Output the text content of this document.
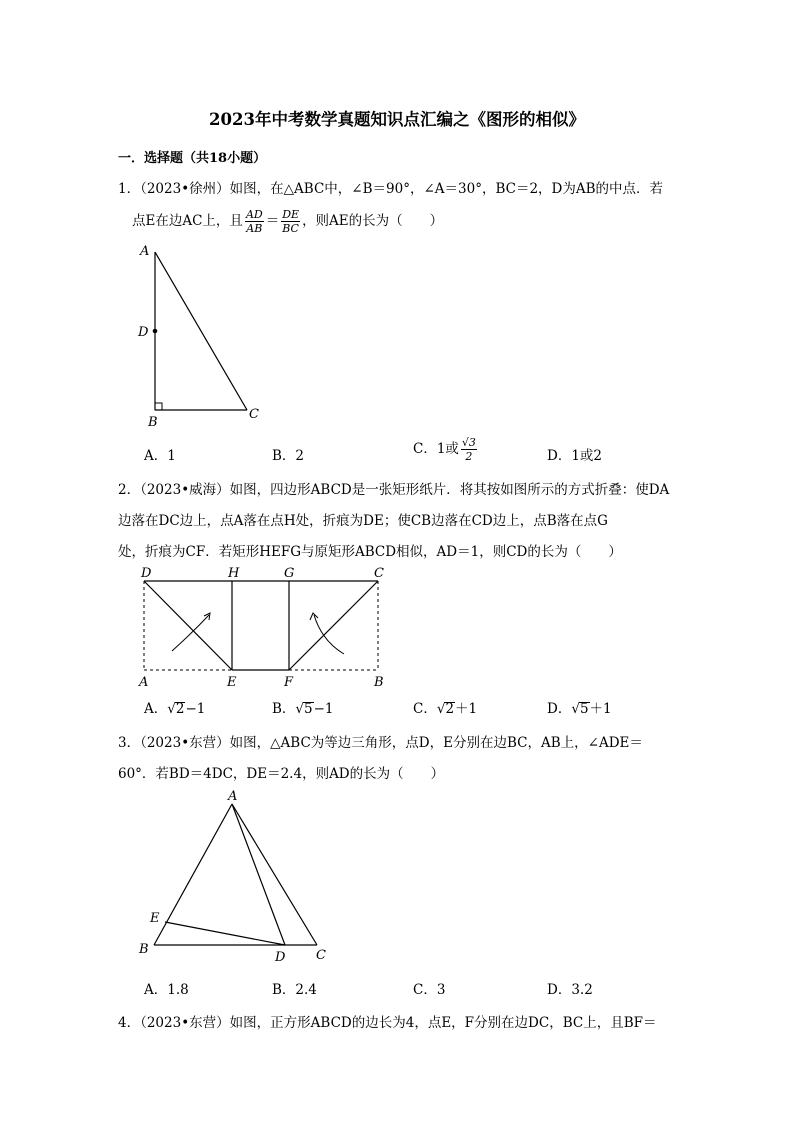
2023年中考数学真题知识点汇编之《图形的相似》
一．选择题（共18小题）
1．（2023•徐州）如图，在△ABC中，∠B＝90°，∠A＝30°，BC＝2，D为AB的中点．若
点E在边AC上，且 $\frac{AD}{AB} = \frac{DE}{BC}$ ，则AE的长为（　　）
A
D
B
C
A．1	B．2	C．1或 $\frac{√3}{2}$	D．1或2
2．（2023•威海）如图，四边形ABCD是一张矩形纸片．将其按如图所示的方式折叠：使DA
边落在DC边上，点A落在点H处，折痕为DE；使CB边落在CD边上，点B落在点G
处，折痕为CF．若矩形HEFG与原矩形ABCD相似，AD＝1，则CD的长为（　　）
D	H	G	C
A	E	F	B
A．√2−1	B．√5−1	C．√2＋1	D．√5＋1
3．（2023•东营）如图，△ABC为等边三角形，点D，E分别在边BC，AB上，∠ADE＝
60°．若BD＝4DC，DE＝2.4，则AD的长为（　　）
A
E
B
D C
A．1.8	B．2.4	C．3	D．3.2
4．（2023•东营）如图，正方形ABCD的边长为4，点E，F分别在边DC，BC上，且BF＝
